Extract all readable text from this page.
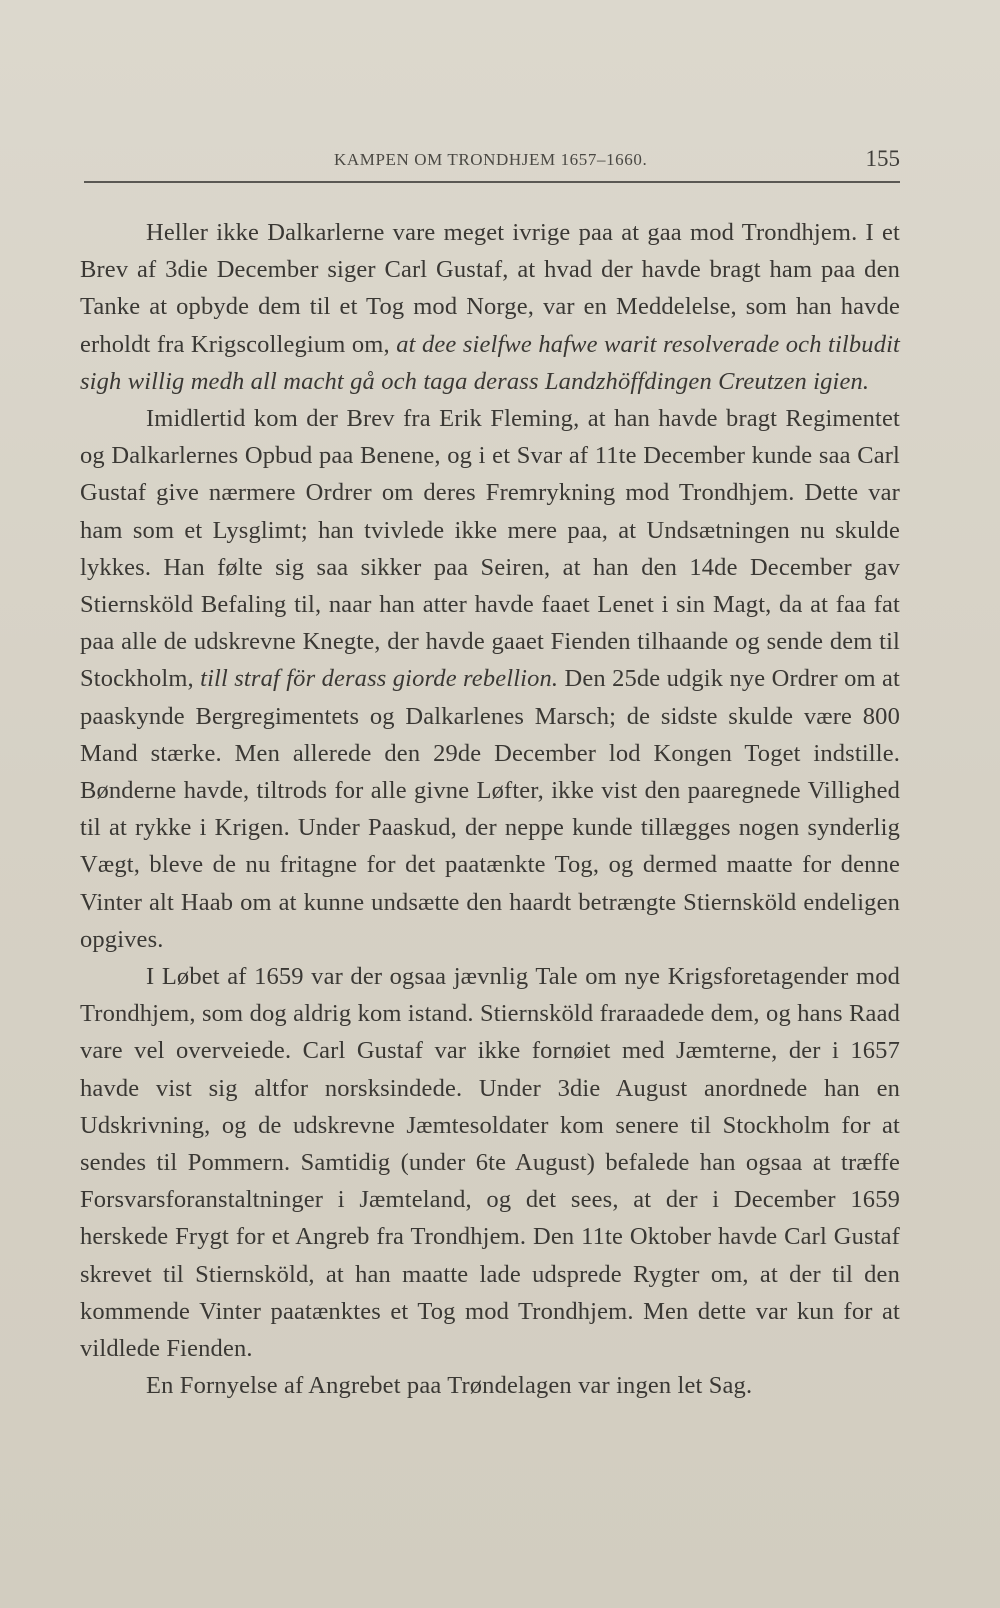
KAMPEN OM TRONDHJEM 1657–1660.	155

Heller ikke Dalkarlerne vare meget ivrige paa at gaa mod Trondhjem. I et Brev af 3die December siger Carl Gustaf, at hvad der havde bragt ham paa den Tanke at opbyde dem til et Tog mod Norge, var en Meddelelse, som han havde erholdt fra Krigscollegium om, at dee sielfwe hafwe warit resolverade och tilbudit sigh willig medh all macht gå och taga derass Landzhöffdingen Creutzen igien.

Imidlertid kom der Brev fra Erik Fleming, at han havde bragt Regimentet og Dalkarlernes Opbud paa Benene, og i et Svar af 11te December kunde saa Carl Gustaf give nærmere Ordrer om deres Fremrykning mod Trondhjem. Dette var ham som et Lysglimt; han tvivlede ikke mere paa, at Undsætningen nu skulde lykkes. Han følte sig saa sikker paa Seiren, at han den 14de December gav Stiernsköld Befaling til, naar han atter havde faaet Lenet i sin Magt, da at faa fat paa alle de udskrevne Knegte, der havde gaaet Fienden tilhaande og sende dem til Stockholm, till straf för derass giorde rebellion. Den 25de udgik nye Ordrer om at paaskynde Bergregimentets og Dalkarlenes Marsch; de sidste skulde være 800 Mand stærke. Men allerede den 29de December lod Kongen Toget indstille. Bønderne havde, tiltrods for alle givne Løfter, ikke vist den paaregnede Villighed til at rykke i Krigen. Under Paaskud, der neppe kunde tillægges nogen synderlig Vægt, bleve de nu fritagne for det paatænkte Tog, og dermed maatte for denne Vinter alt Haab om at kunne undsætte den haardt betrængte Stiernsköld endeligen opgives.

I Løbet af 1659 var der ogsaa jævnlig Tale om nye Krigsforetagender mod Trondhjem, som dog aldrig kom istand. Stiernsköld fraraadede dem, og hans Raad vare vel overveiede. Carl Gustaf var ikke fornøiet med Jæmterne, der i 1657 havde vist sig altfor norsksindede. Under 3die August anordnede han en Udskrivning, og de udskrevne Jæmtesoldater kom senere til Stockholm for at sendes til Pommern. Samtidig (under 6te August) befalede han ogsaa at træffe Forsvarsforanstaltninger i Jæmteland, og det sees, at der i December 1659 herskede Frygt for et Angreb fra Trondhjem. Den 11te Oktober havde Carl Gustaf skrevet til Stiernsköld, at han maatte lade udsprede Rygter om, at der til den kommende Vinter paatænktes et Tog mod Trondhjem. Men dette var kun for at vildlede Fienden.

En Fornyelse af Angrebet paa Trøndelagen var ingen let Sag.
